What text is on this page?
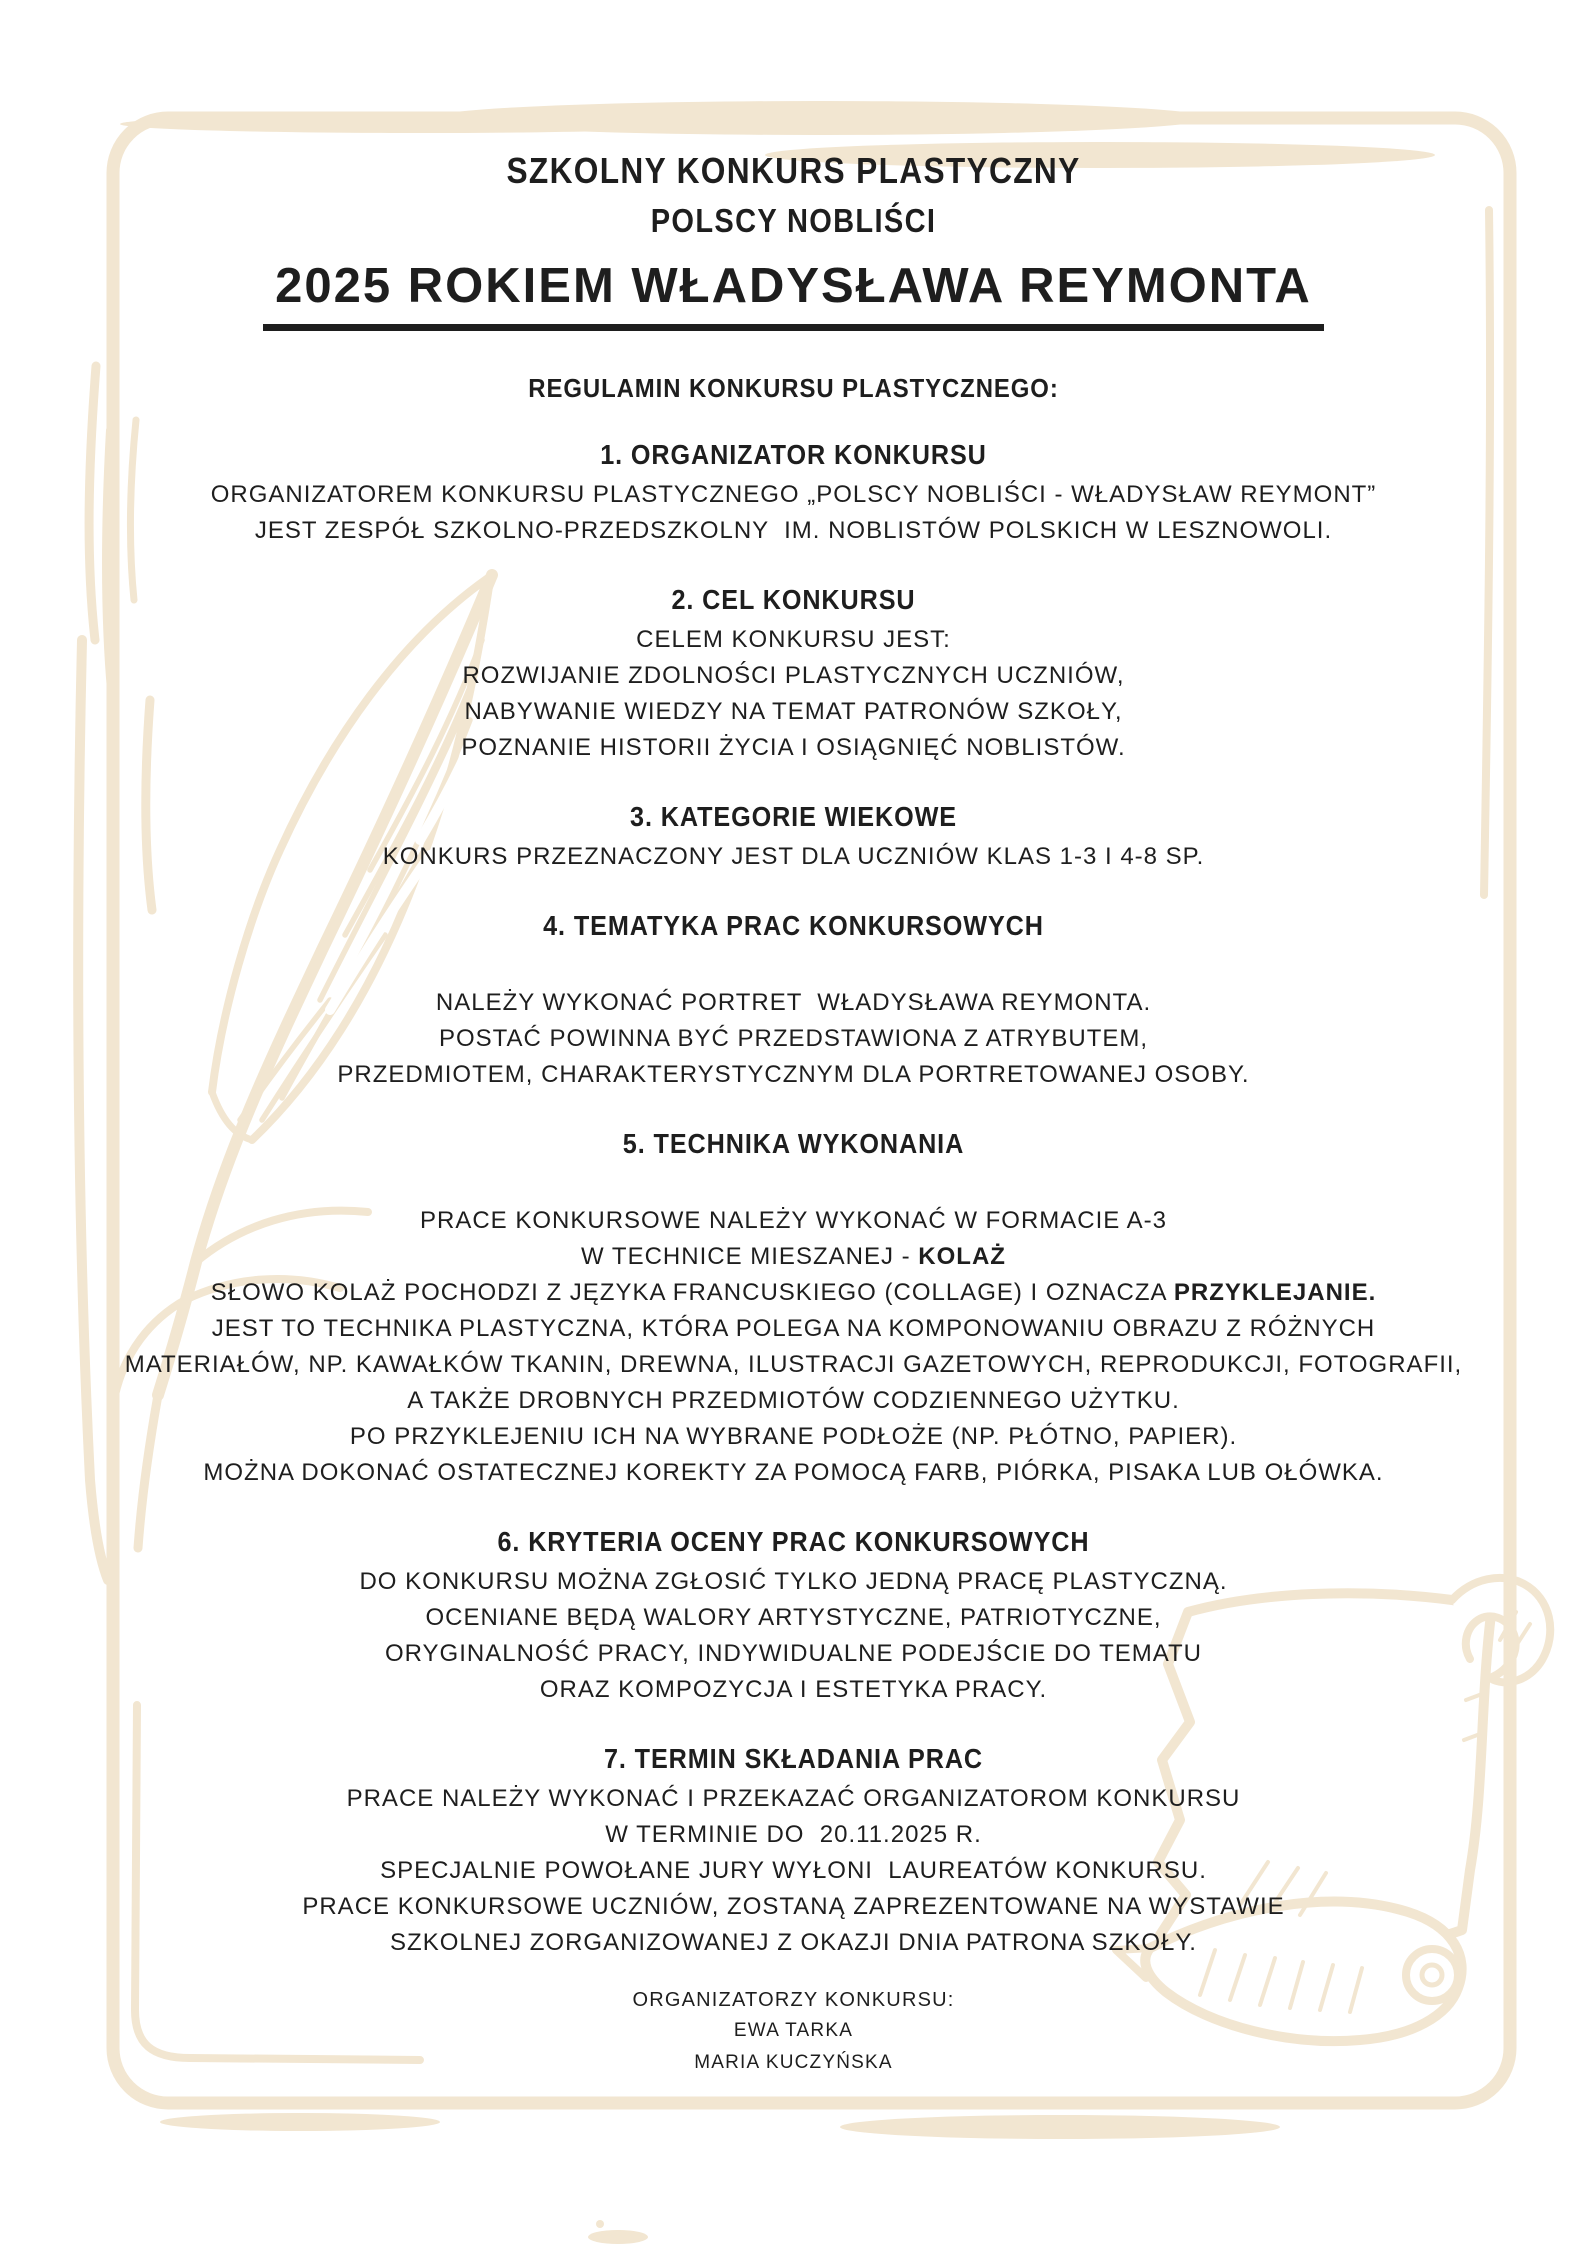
SZKOLNY KONKURS PLASTYCZNY
POLSCY NOBLIŚCI
2025 ROKIEM WŁADYSŁAWA REYMONTA
REGULAMIN KONKURSU PLASTYCZNEGO:
1. ORGANIZATOR KONKURSU
ORGANIZATOREM KONKURSU PLASTYCZNEGO „POLSCY NOBLIŚCI - WŁADYSŁAW REYMONT”
JEST ZESPÓŁ SZKOLNO-PRZEDSZKOLNY  IM. NOBLISTÓW POLSKICH W LESZNOWOLI.
2. CEL KONKURSU
CELEM KONKURSU JEST:
ROZWIJANIE ZDOLNOŚCI PLASTYCZNYCH UCZNIÓW,
NABYWANIE WIEDZY NA TEMAT PATRONÓW SZKOŁY,
POZNANIE HISTORII ŻYCIA I OSIĄGNIĘĆ NOBLISTÓW.
3. KATEGORIE WIEKOWE
KONKURS PRZEZNACZONY JEST DLA UCZNIÓW KLAS 1-3 I 4-8 SP.
4. TEMATYKA PRAC KONKURSOWYCH
NALEŻY WYKONAĆ PORTRET  WŁADYSŁAWA REYMONTA.
POSTAĆ POWINNA BYĆ PRZEDSTAWIONA Z ATRYBUTEM,
PRZEDMIOTEM, CHARAKTERYSTYCZNYM DLA PORTRETOWANEJ OSOBY.
5. TECHNIKA WYKONANIA
PRACE KONKURSOWE NALEŻY WYKONAĆ W FORMACIE A-3
W TECHNICE MIESZANEJ - KOLAŻ
SŁOWO KOLAŻ POCHODZI Z JĘZYKA FRANCUSKIEGO (COLLAGE) I OZNACZA PRZYKLEJANIE.
JEST TO TECHNIKA PLASTYCZNA, KTÓRA POLEGA NA KOMPONOWANIU OBRAZU Z RÓŻNYCH
MATERIAŁÓW, NP. KAWAŁKÓW TKANIN, DREWNA, ILUSTRACJI GAZETOWYCH, REPRODUKCJI, FOTOGRAFII,
A TAKŻE DROBNYCH PRZEDMIOTÓW CODZIENNEGO UŻYTKU.
PO PRZYKLEJENIU ICH NA WYBRANE PODŁOŻE (NP. PŁÓTNO, PAPIER).
MOŻNA DOKONAĆ OSTATECZNEJ KOREKTY ZA POMOCĄ FARB, PIÓRKA, PISAKA LUB OŁÓWKA.
6. KRYTERIA OCENY PRAC KONKURSOWYCH
DO KONKURSU MOŻNA ZGŁOSIĆ TYLKO JEDNĄ PRACĘ PLASTYCZNĄ.
OCENIANE BĘDĄ WALORY ARTYSTYCZNE, PATRIOTYCZNE,
ORYGINALNOŚĆ PRACY, INDYWIDUALNE PODEJŚCIE DO TEMATU
ORAZ KOMPOZYCJA I ESTETYKA PRACY.
7. TERMIN SKŁADANIA PRAC
PRACE NALEŻY WYKONAĆ I PRZEKAZAĆ ORGANIZATOROM KONKURSU
W TERMINIE DO  20.11.2025 R.
SPECJALNIE POWOŁANE JURY WYŁONI  LAUREATÓW KONKURSU.
PRACE KONKURSOWE UCZNIÓW, ZOSTANĄ ZAPREZENTOWANE NA WYSTAWIE
SZKOLNEJ ZORGANIZOWANEJ Z OKAZJI DNIA PATRONA SZKOŁY.
ORGANIZATORZY KONKURSU:
EWA TARKA
MARIA KUCZYŃSKA
